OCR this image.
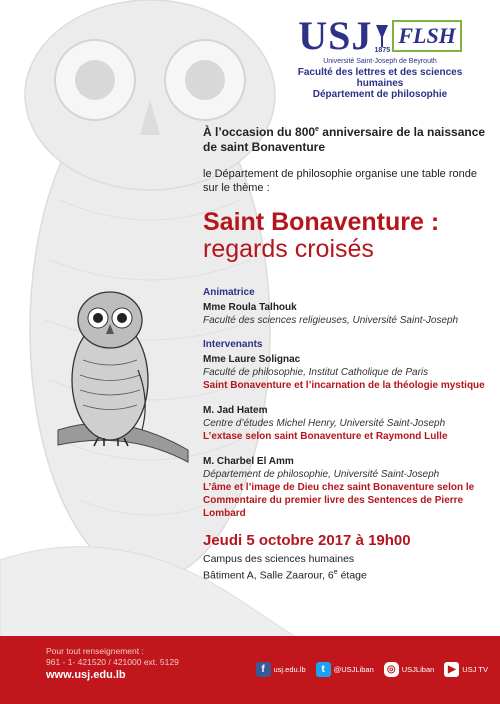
USJ 1875
FLSH
Université Saint-Joseph de Beyrouth
Faculté des lettres et des sciences humaines
Département de philosophie
À l’occasion du 800e anniversaire de la naissance de saint Bonaventure
le Département de philosophie organise une table ronde sur le thème :
Saint Bonaventure :
regards croisés
Animatrice
Mme Roula Talhouk
Faculté des sciences religieuses, Université Saint-Joseph
Intervenants
Mme Laure Solignac
Faculté de philosophie, Institut Catholique de Paris
Saint Bonaventure et l’incarnation de la théologie mystique
M. Jad Hatem
Centre d’études Michel Henry, Université Saint-Joseph
L’extase selon saint Bonaventure et Raymond Lulle
M. Charbel El Amm
Département de philosophie, Université Saint-Joseph
L’âme et l’image de Dieu chez saint Bonaventure selon le Commentaire du premier livre des Sentences de Pierre Lombard
Jeudi 5 octobre 2017 à 19h00
Campus des sciences humaines
Bâtiment A, Salle Zaarour, 6e étage
Pour tout renseignement :
961 - 1- 421520 / 421000 ext. 5129
www.usj.edu.lb	f	usj.edu.lb	t	@USJLiban	◎ USJLiban	▶ USJ TV
